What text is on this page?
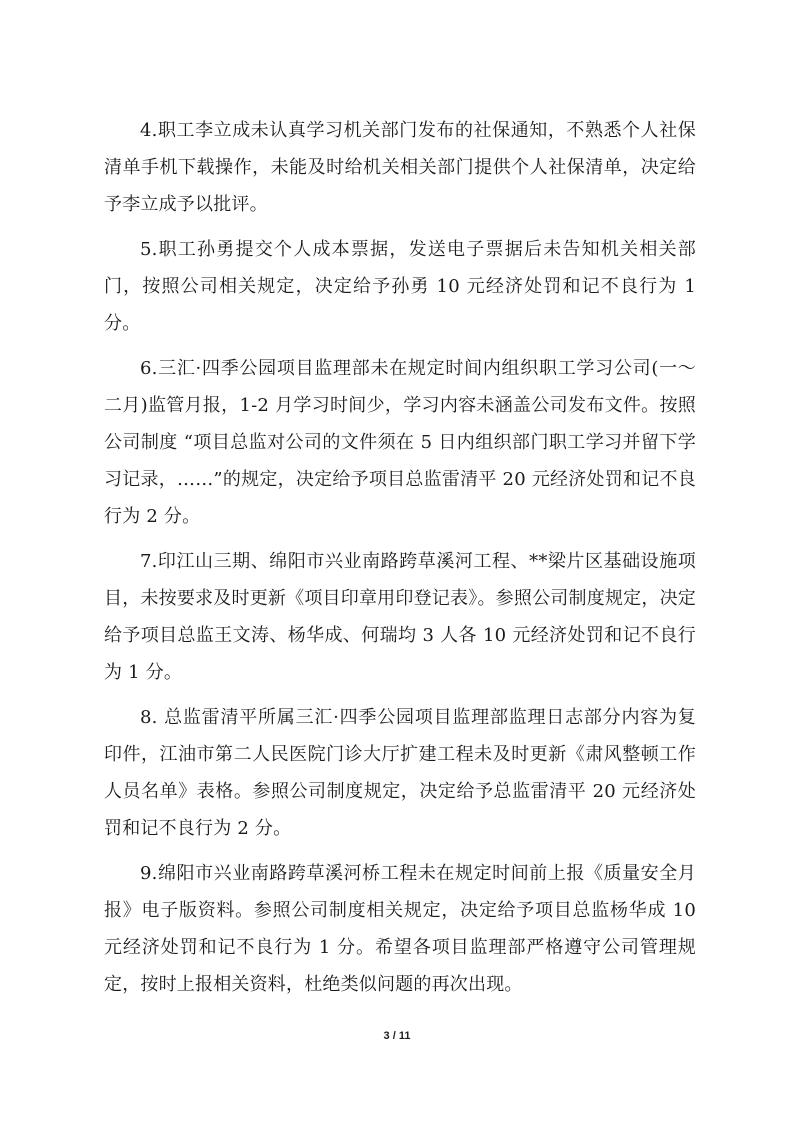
4.职工李立成未认真学习机关部门发布的社保通知，不熟悉个人社保清单手机下载操作，未能及时给机关相关部门提供个人社保清单，决定给予李立成予以批评。

5.职工孙勇提交个人成本票据，发送电子票据后未告知机关相关部门，按照公司相关规定，决定给予孙勇 10 元经济处罚和记不良行为 1 分。

6.三汇·四季公园项目监理部未在规定时间内组织职工学习公司(一～二月)监管月报，1-2 月学习时间少，学习内容未涵盖公司发布文件。按照公司制度 “项目总监对公司的文件须在 5 日内组织部门职工学习并留下学习记录，……”的规定，决定给予项目总监雷清平 20 元经济处罚和记不良行为 2 分。

7.印江山三期、绵阳市兴业南路跨草溪河工程、**梁片区基础设施项目，未按要求及时更新《项目印章用印登记表》。参照公司制度规定，决定给予项目总监王文涛、杨华成、何瑞均 3 人各 10 元经济处罚和记不良行为 1 分。

8. 总监雷清平所属三汇·四季公园项目监理部监理日志部分内容为复印件，江油市第二人民医院门诊大厅扩建工程未及时更新《肃风整顿工作人员名单》表格。参照公司制度规定，决定给予总监雷清平 20 元经济处罚和记不良行为 2 分。

9.绵阳市兴业南路跨草溪河桥工程未在规定时间前上报《质量安全月报》电子版资料。参照公司制度相关规定，决定给予项目总监杨华成 10 元经济处罚和记不良行为 1 分。希望各项目监理部严格遵守公司管理规定，按时上报相关资料，杜绝类似问题的再次出现。

3 / 11
